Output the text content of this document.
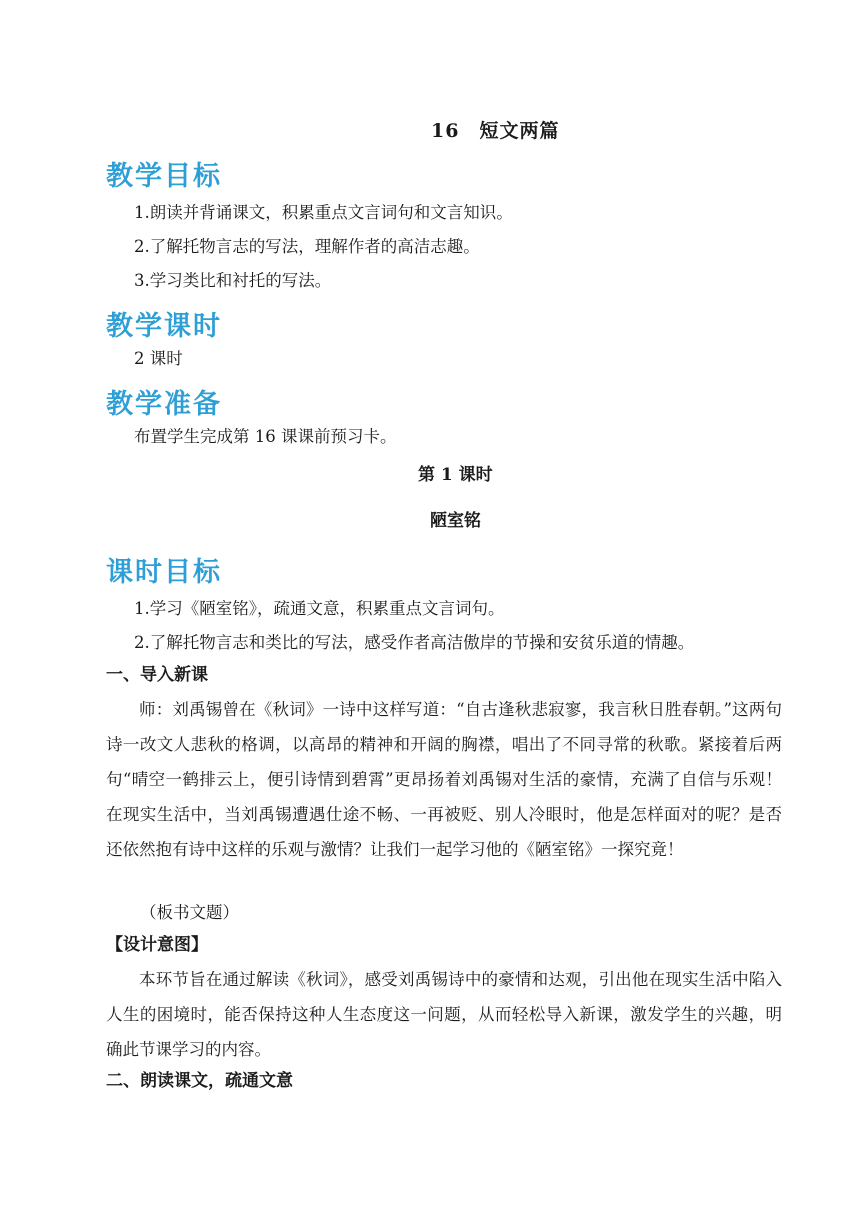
16　短文两篇
教学目标
1.朗读并背诵课文，积累重点文言词句和文言知识。
2.了解托物言志的写法，理解作者的高洁志趣。
3.学习类比和衬托的写法。
教学课时
2 课时
教学准备
布置学生完成第 16 课课前预习卡。
第 1 课时
陋室铭
课时目标
1.学习《陋室铭》，疏通文意，积累重点文言词句。
2.了解托物言志和类比的写法，感受作者高洁傲岸的节操和安贫乐道的情趣。
一、导入新课
师：刘禹锡曾在《秋词》一诗中这样写道：“自古逢秋悲寂寥，我言秋日胜春朝。”这两句诗一改文人悲秋的格调，以高昂的精神和开阔的胸襟，唱出了不同寻常的秋歌。紧接着后两句“晴空一鹤排云上，便引诗情到碧霄”更昂扬着刘禹锡对生活的豪情，充满了自信与乐观！在现实生活中，当刘禹锡遭遇仕途不畅、一再被贬、别人冷眼时，他是怎样面对的呢？是否还依然抱有诗中这样的乐观与激情？让我们一起学习他的《陋室铭》一探究竟！
（板书文题）
【设计意图】
本环节旨在通过解读《秋词》，感受刘禹锡诗中的豪情和达观，引出他在现实生活中陷入人生的困境时，能否保持这种人生态度这一问题，从而轻松导入新课，激发学生的兴趣，明确此节课学习的内容。
二、朗读课文，疏通文意
